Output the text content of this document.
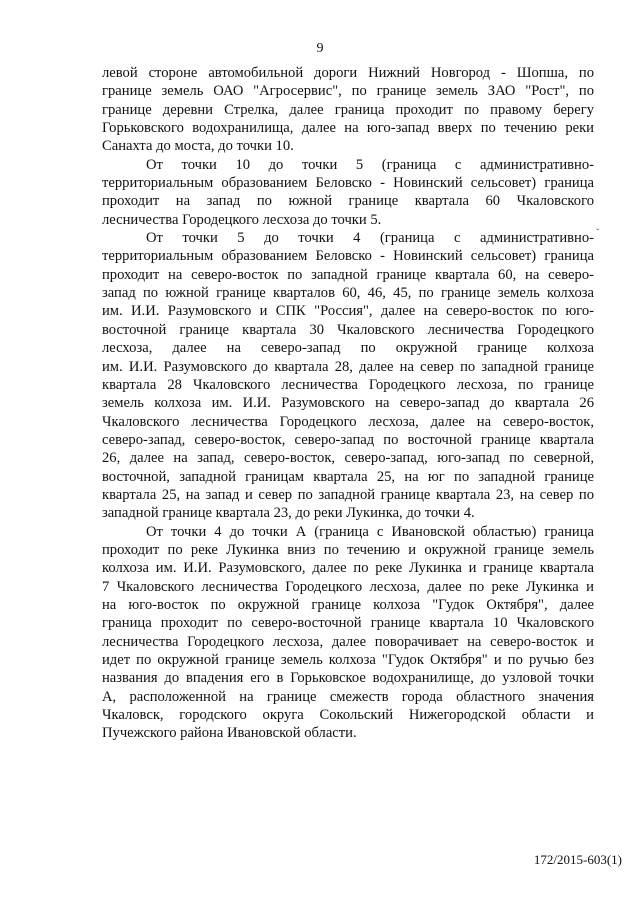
9
ˇ
левой стороне автомобильной дороги Нижний Новгород - Шопша, по
границе земель ОАО "Агросервис", по границе земель ЗАО "Рост", по
границе деревни Стрелка, далее граница проходит по правому берегу
Горьковского водохранилища, далее на юго-запад вверх по течению реки
Санахта до моста, до точки 10.
От точки 10 до точки 5 (граница с административно-
территориальным образованием Беловско - Новинский сельсовет) граница
проходит на запад по южной границе квартала 60 Чкаловского
лесничества Городецкого лесхоза до точки 5.
От точки 5 до точки 4 (граница с административно-
территориальным образованием Беловско - Новинский сельсовет) граница
проходит на северо-восток по западной границе квартала 60, на северо-
запад по южной границе кварталов 60, 46, 45, по границе земель колхоза
им. И.И. Разумовского и СПК "Россия", далее на северо-восток по юго-
восточной границе квартала 30 Чкаловского лесничества Городецкого
лесхоза, далее на северо-запад по окружной границе колхоза
им. И.И. Разумовского до квартала 28, далее на север по западной границе
квартала 28 Чкаловского лесничества Городецкого лесхоза, по границе
земель колхоза им. И.И. Разумовского на северо-запад до квартала 26
Чкаловского лесничества Городецкого лесхоза, далее на северо-восток,
северо-запад, северо-восток, северо-запад по восточной границе квартала
26, далее на запад, северо-восток, северо-запад, юго-запад по северной,
восточной, западной границам квартала 25, на юг по западной границе
квартала 25, на запад и север по западной границе квартала 23, на север по
западной границе квартала 23, до реки Лукинка, до точки 4.
От точки 4 до точки А (граница с Ивановской областью) граница
проходит по реке Лукинка вниз по течению и окружной границе земель
колхоза им. И.И. Разумовского, далее по реке Лукинка и границе квартала
7 Чкаловского лесничества Городецкого лесхоза, далее по реке Лукинка и
на юго-восток по окружной границе колхоза "Гудок Октября", далее
граница проходит по северо-восточной границе квартала 10 Чкаловского
лесничества Городецкого лесхоза, далее поворачивает на северо-восток и
идет по окружной границе земель колхоза "Гудок Октября" и по ручью без
названия до впадения его в Горьковское водохранилище, до узловой точки
А, расположенной на границе смежеств города областного значения
Чкаловск, городского округа Сокольский Нижегородской области и
Пучежского района Ивановской области.
172/2015-603(1)
